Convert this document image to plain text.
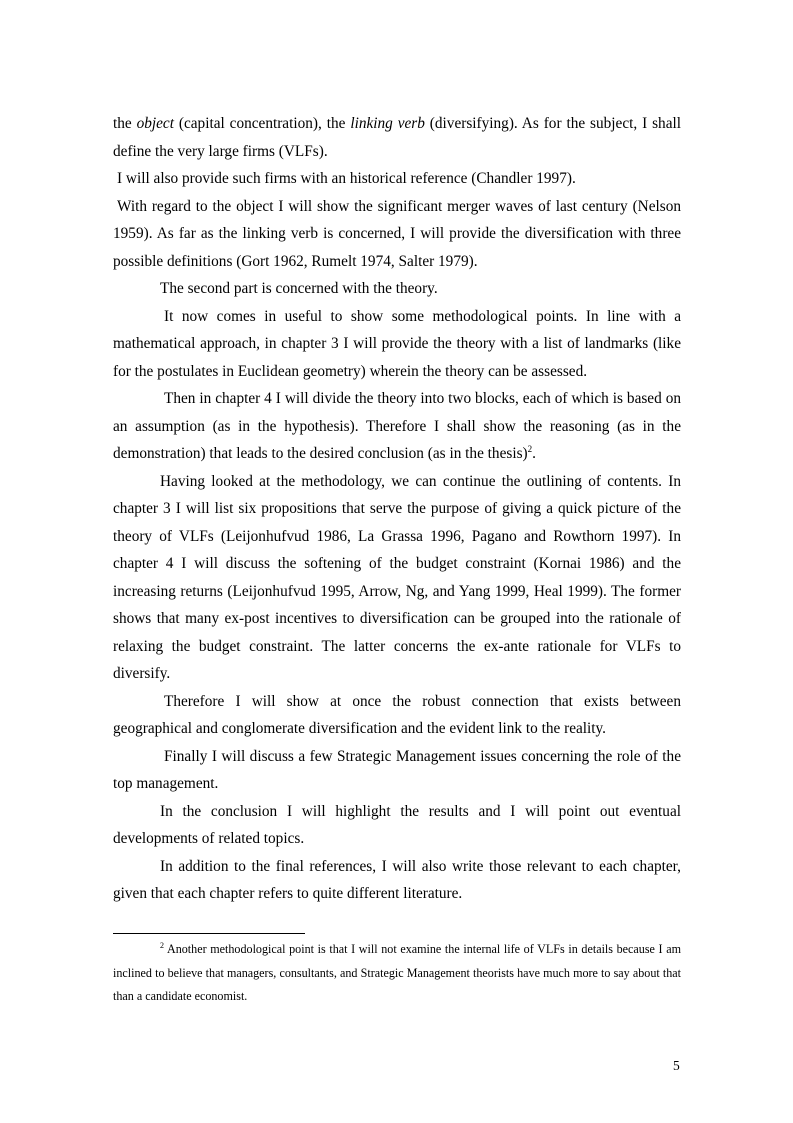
the object (capital concentration), the linking verb (diversifying). As for the subject, I shall define the very large firms (VLFs).

I will also provide such firms with an historical reference (Chandler 1997).

With regard to the object I will show the significant merger waves of last century (Nelson 1959). As far as the linking verb is concerned, I will provide the diversification with three possible definitions (Gort 1962, Rumelt 1974, Salter 1979).

The second part is concerned with the theory.

It now comes in useful to show some methodological points. In line with a mathematical approach, in chapter 3 I will provide the theory with a list of landmarks (like for the postulates in Euclidean geometry) wherein the theory can be assessed.

Then in chapter 4 I will divide the theory into two blocks, each of which is based on an assumption (as in the hypothesis). Therefore I shall show the reasoning (as in the demonstration) that leads to the desired conclusion (as in the thesis)$^2$.

Having looked at the methodology, we can continue the outlining of contents. In chapter 3 I will list six propositions that serve the purpose of giving a quick picture of the theory of VLFs (Leijonhufvud 1986, La Grassa 1996, Pagano and Rowthorn 1997). In chapter 4 I will discuss the softening of the budget constraint (Kornai 1986) and the increasing returns (Leijonhufvud 1995, Arrow, Ng, and Yang 1999, Heal 1999). The former shows that many ex-post incentives to diversification can be grouped into the rationale of relaxing the budget constraint. The latter concerns the ex-ante rationale for VLFs to diversify.

Therefore I will show at once the robust connection that exists between geographical and conglomerate diversification and the evident link to the reality.

Finally I will discuss a few Strategic Management issues concerning the role of the top management.

In the conclusion I will highlight the results and I will point out eventual developments of related topics.

In addition to the final references, I will also write those relevant to each chapter, given that each chapter refers to quite different literature.

$^2$ Another methodological point is that I will not examine the internal life of VLFs in details because I am inclined to believe that managers, consultants, and Strategic Management theorists have much more to say about that than a candidate economist.

5
